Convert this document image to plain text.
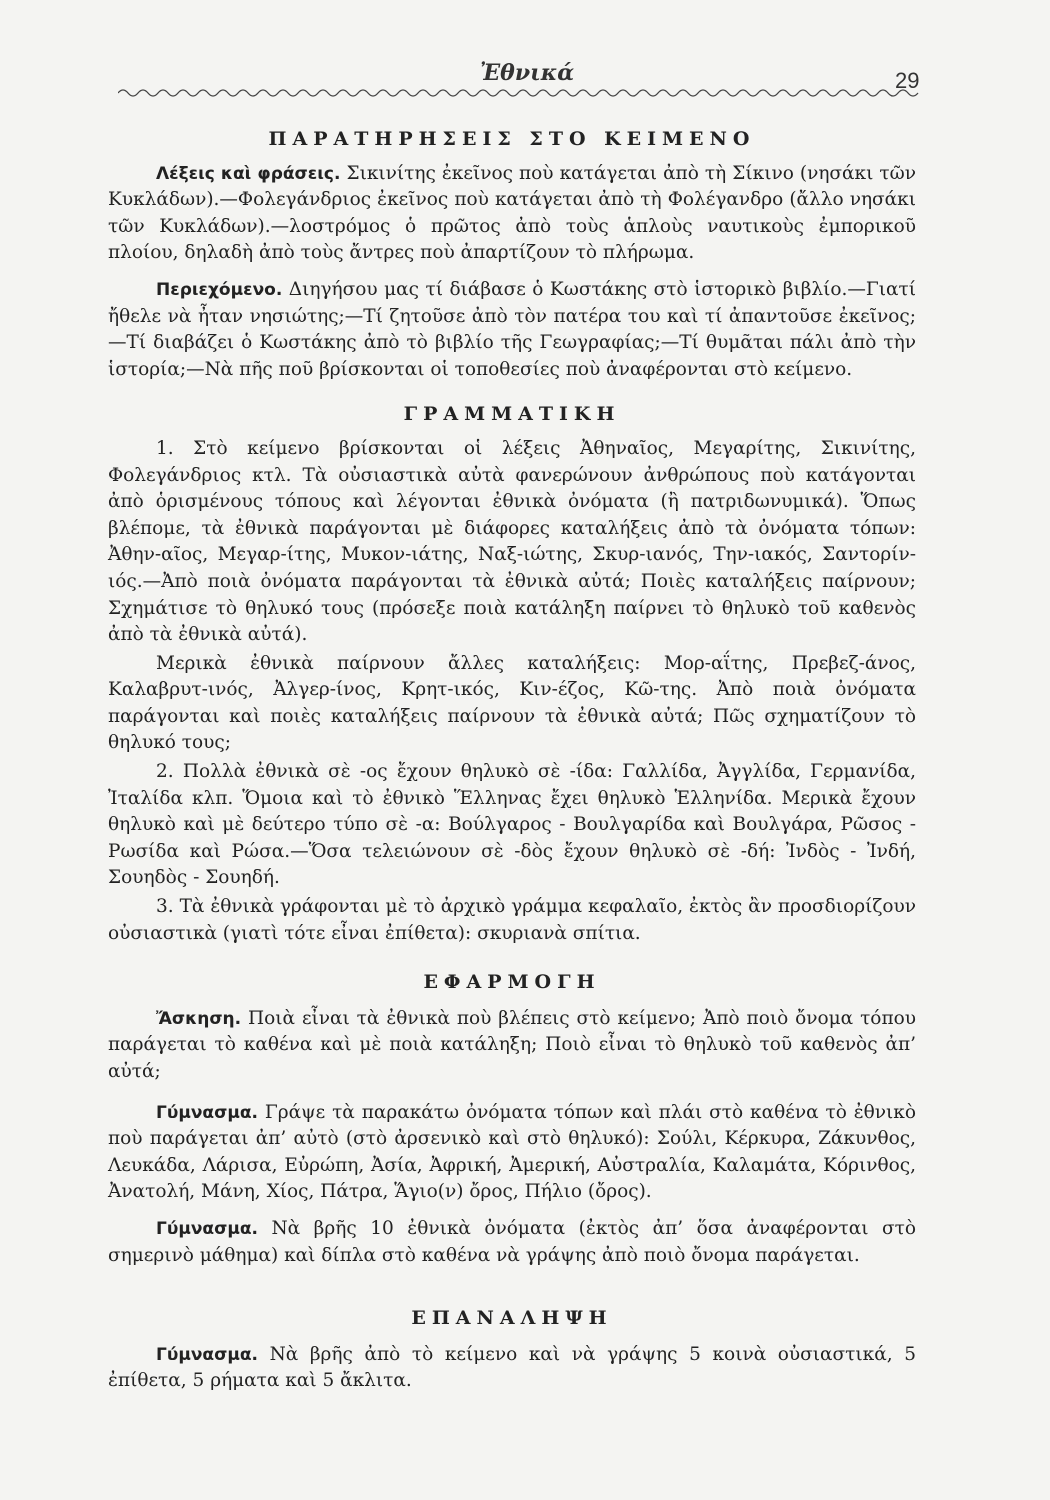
Ἐθνικά	29
ΠΑΡΑΤΗΡΗΣΕΙΣ ΣΤΟ ΚΕΙΜΕΝΟ

Λέξεις καὶ φράσεις. Σικινίτης ἐκεῖνος ποὺ κατάγεται ἀπὸ τὴ Σίκινο (νησάκι τῶν Κυκλάδων).—Φολεγάνδριος ἐκεῖνος ποὺ κατάγεται ἀπὸ τὴ Φολέγανδρο (ἄλλο νησάκι τῶν Κυκλάδων).—λοστρόμος ὁ πρῶτος ἀπὸ τοὺς ἁπλοὺς ναυτικοὺς ἐμπορικοῦ πλοίου, δηλαδὴ ἀπὸ τοὺς ἄντρες ποὺ ἀπαρτίζουν τὸ πλήρωμα.

Περιεχόμενο. Διηγήσου μας τί διάβασε ὁ Κωστάκης στὸ ἱστορικὸ βιβλίο.—Γιατί ἤθελε νὰ ἦταν νησιώτης;—Τί ζητοῦσε ἀπὸ τὸν πατέρα του καὶ τί ἀπαντοῦσε ἐκεῖνος;—Τί διαβάζει ὁ Κωστάκης ἀπὸ τὸ βιβλίο τῆς Γεωγραφίας;—Τί θυμᾶται πάλι ἀπὸ τὴν ἱστορία;—Νὰ πῆς ποῦ βρίσκονται οἱ τοποθεσίες ποὺ ἀναφέρονται στὸ κείμενο.

ΓΡΑΜΜΑΤΙΚΗ

1. Στὸ κείμενο βρίσκονται οἱ λέξεις Ἀθηναῖος, Μεγαρίτης, Σικινίτης, Φολεγάνδριος κτλ. Τὰ οὐσιαστικὰ αὐτὰ φανερώνουν ἀνθρώπους ποὺ κατάγονται ἀπὸ ὁρισμένους τόπους καὶ λέγονται ἐθνικὰ ὀνόματα (ἢ πατριδωνυμικά). Ὅπως βλέπομε, τὰ ἐθνικὰ παράγονται μὲ διάφορες καταλήξεις ἀπὸ τὰ ὀνόματα τόπων: Ἀθην-αῖος, Μεγαρ-ίτης, Μυκον-ιάτης, Ναξ-ιώτης, Σκυρ-ιανός, Την-ιακός, Σαντορίν-ιός.—Ἀπὸ ποιὰ ὀνόματα παράγονται τὰ ἐθνικὰ αὐτά; Ποιὲς καταλήξεις παίρνουν; Σχημάτισε τὸ θηλυκό τους (πρόσεξε ποιὰ κατάληξη παίρνει τὸ θηλυκὸ τοῦ καθενὸς ἀπὸ τὰ ἐθνικὰ αὐτά).

Μερικὰ ἐθνικὰ παίρνουν ἄλλες καταλήξεις: Μορ-αΐτης, Πρεβεζ-άνος, Καλαβρυτ-ινός, Ἀλγερ-ίνος, Κρητ-ικός, Κιν-έζος, Κῶ-της. Ἀπὸ ποιὰ ὀνόματα παράγονται καὶ ποιὲς καταλήξεις παίρνουν τὰ ἐθνικὰ αὐτά; Πῶς σχηματίζουν τὸ θηλυκό τους;

2. Πολλὰ ἐθνικὰ σὲ -ος ἔχουν θηλυκὸ σὲ -ίδα: Γαλλίδα, Ἀγγλίδα, Γερμανίδα, Ἰταλίδα κλπ. Ὅμοια καὶ τὸ ἐθνικὸ Ἕλληνας ἔχει θηλυκὸ Ἑλληνίδα. Μερικὰ ἔχουν θηλυκὸ καὶ μὲ δεύτερο τύπο σὲ -α: Βούλγαρος - Βουλγαρίδα καὶ Βουλγάρα, Ρῶσος - Ρωσίδα καὶ Ρώσα.—Ὅσα τελειώνουν σὲ -δὸς ἔχουν θηλυκὸ σὲ -δή: Ἰνδὸς - Ἰνδή, Σουηδὸς - Σουηδή.

3. Τὰ ἐθνικὰ γράφονται μὲ τὸ ἀρχικὸ γράμμα κεφαλαῖο, ἐκτὸς ἂν προσδιορίζουν οὐσιαστικὰ (γιατὶ τότε εἶναι ἐπίθετα): σκυριανὰ σπίτια.

ΕΦΑΡΜΟΓΗ

Ἄσκηση. Ποιὰ εἶναι τὰ ἐθνικὰ ποὺ βλέπεις στὸ κείμενο; Ἀπὸ ποιὸ ὄνομα τόπου παράγεται τὸ καθένα καὶ μὲ ποιὰ κατάληξη; Ποιὸ εἶναι τὸ θηλυκὸ τοῦ καθενὸς ἀπ’ αὐτά;

Γύμνασμα. Γράψε τὰ παρακάτω ὀνόματα τόπων καὶ πλάι στὸ καθένα τὸ ἐθνικὸ ποὺ παράγεται ἀπ’ αὐτὸ (στὸ ἀρσενικὸ καὶ στὸ θηλυκό): Σούλι, Κέρκυρα, Ζάκυνθος, Λευκάδα, Λάρισα, Εὐρώπη, Ἀσία, Ἀφρική, Ἀμερική, Αὐστραλία, Καλαμάτα, Κόρινθος, Ἀνατολή, Μάνη, Χίος, Πάτρα, Ἅγιο(ν) ὄρος, Πήλιο (ὄρος).

Γύμνασμα. Νὰ βρῆς 10 ἐθνικὰ ὀνόματα (ἐκτὸς ἀπ’ ὅσα ἀναφέρονται στὸ σημερινὸ μάθημα) καὶ δίπλα στὸ καθένα νὰ γράψης ἀπὸ ποιὸ ὄνομα παράγεται.

ΕΠΑΝΑΛΗΨΗ

Γύμνασμα. Νὰ βρῆς ἀπὸ τὸ κείμενο καὶ νὰ γράψης 5 κοινὰ οὐσιαστικά, 5 ἐπίθετα, 5 ρήματα καὶ 5 ἄκλιτα.
